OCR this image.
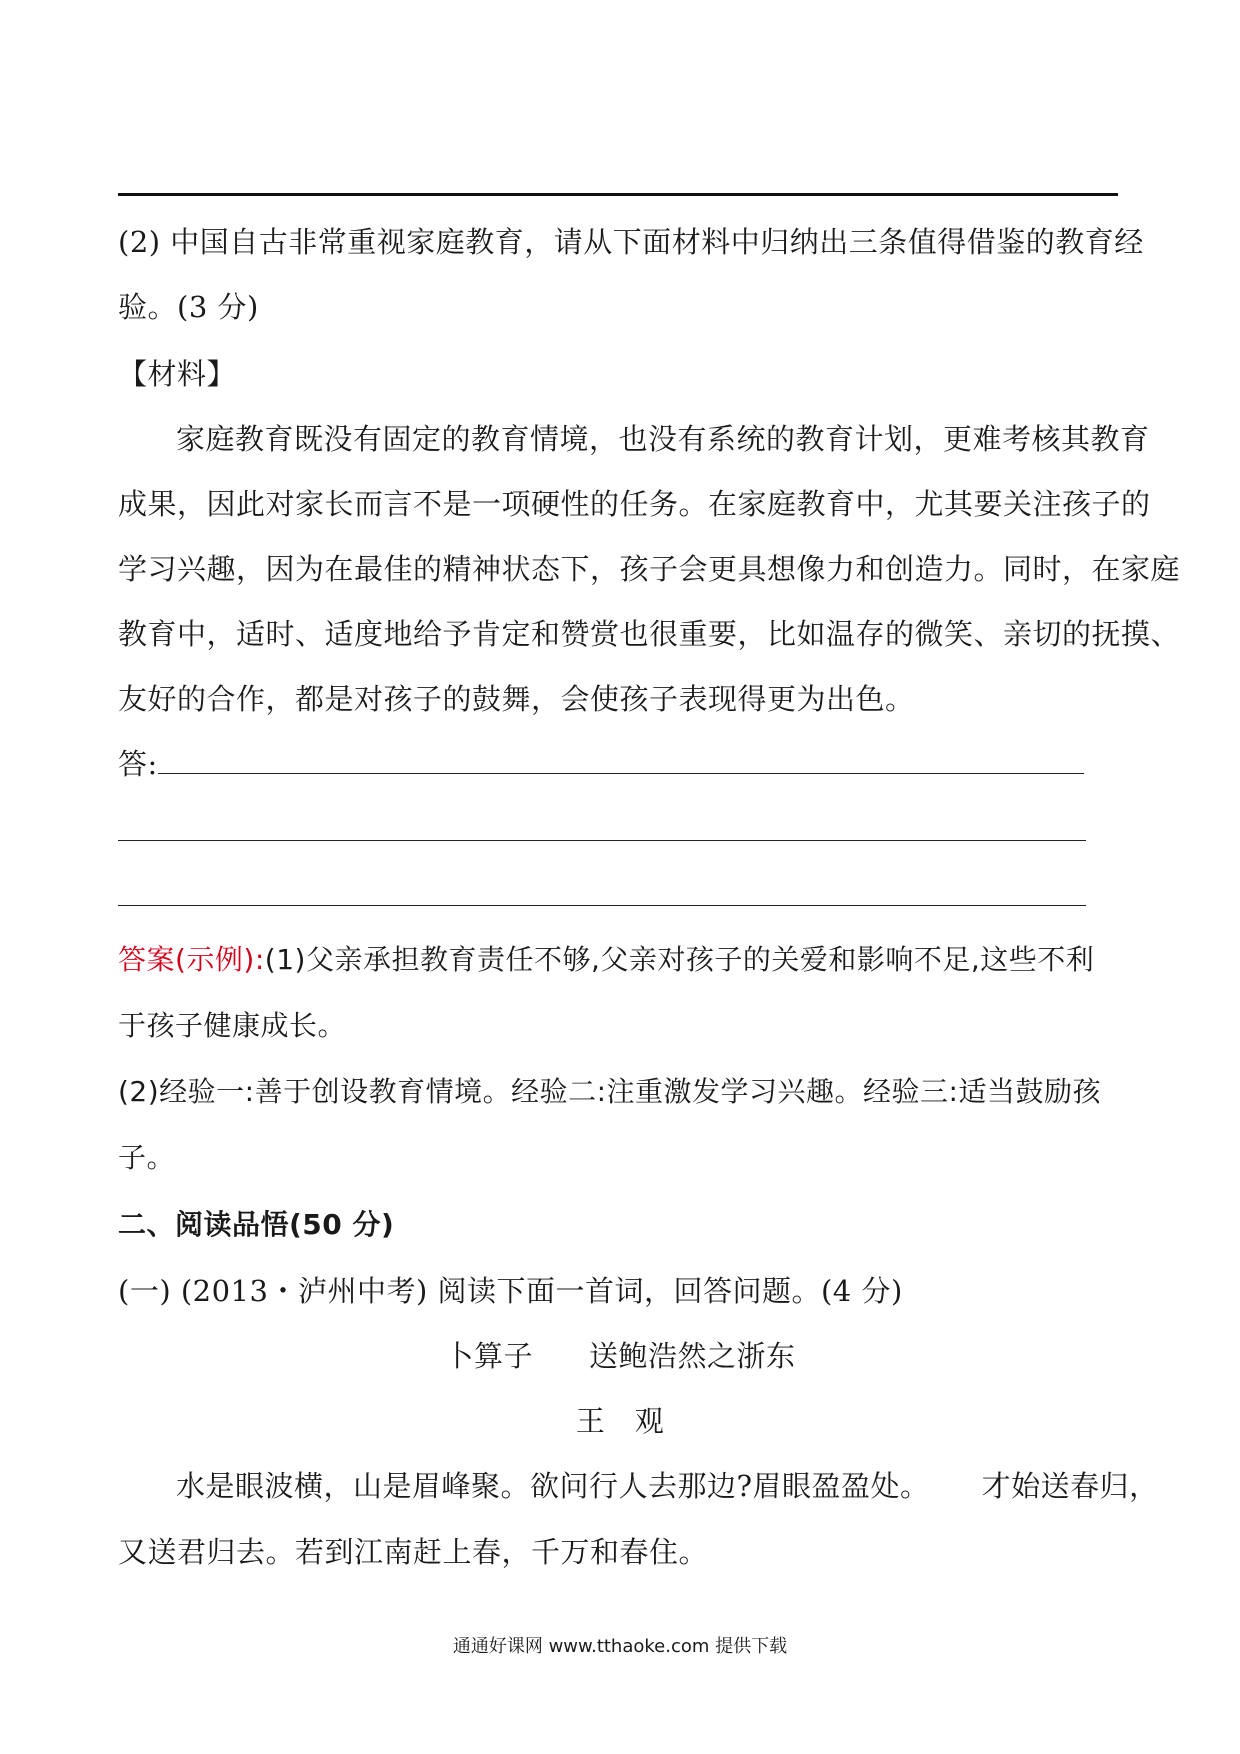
(2) 中国自古非常重视家庭教育，请从下面材料中归纳出三条值得借鉴的教育经
验。(3 分)
【材料】
家庭教育既没有固定的教育情境，也没有系统的教育计划，更难考核其教育
成果，因此对家长而言不是一项硬性的任务。在家庭教育中，尤其要关注孩子的
学习兴趣，因为在最佳的精神状态下，孩子会更具想像力和创造力。同时，在家庭
教育中，适时、适度地给予肯定和赞赏也很重要，比如温存的微笑、亲切的抚摸、
友好的合作，都是对孩子的鼓舞，会使孩子表现得更为出色。
答:
答案(示例):(1)父亲承担教育责任不够,父亲对孩子的关爱和影响不足,这些不利
于孩子健康成长。
(2)经验一:善于创设教育情境。经验二:注重激发学习兴趣。经验三:适当鼓励孩
子。
二、阅读品悟(50 分)
(一) (2013・泸州中考) 阅读下面一首词，回答问题。(4 分)
卜算子 送鲍浩然之浙东
王　观
水是眼波横，山是眉峰聚。欲问行人去那边?眉眼盈盈处。 才始送春归，
又送君归去。若到江南赶上春，千万和春住。
通通好课网 www.tthaoke.com 提供下载
